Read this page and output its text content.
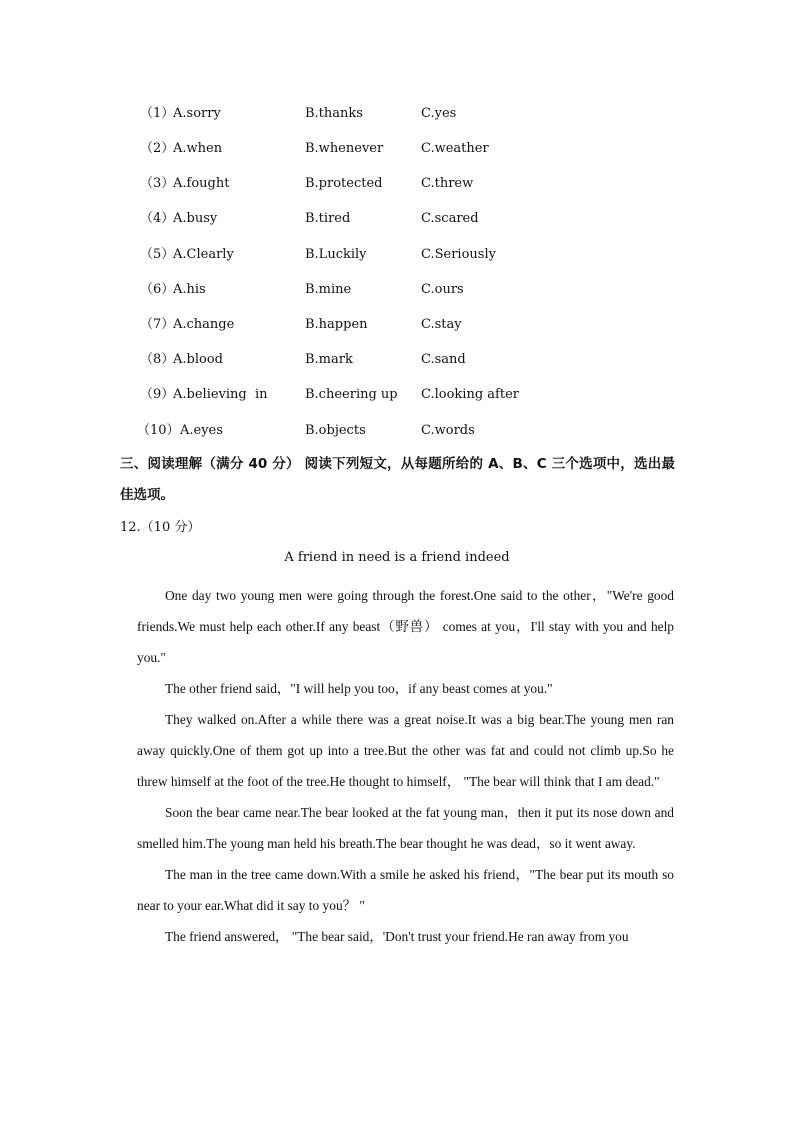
（1）
A.sorry	B.thanks	C.yes
（2）
A.when	B.whenever	C.weather
（3）
A.fought	B.protected	C.threw
（4）
A.busy	B.tired	C.scared
（5）
A.Clearly	B.Luckily	C.Seriously
（6）
A.his	B.mine	C.ours
（7）
A.change	B.happen	C.stay
（8）
A.blood	B.mark	C.sand
（9）
A.believing  in	B.cheering up C.looking after
（10） A.eyes	B.objects	C.words
三、阅读理解（满分 40 分） 阅读下列短文，从每题所给的 A、B、C 三个选项中，选出最佳选项。
12.（10 分）
A friend in need is a friend indeed

One day two young men were going through the forest.One said to the other，"We're good friends.We must help each other.If any beast（野兽） comes at you，I'll stay with you and help you."

The other friend said，"I will help you too，if any beast comes at you."

They walked on.After a while there was a great noise.It was a big bear.The young men ran away quickly.One of them got up into a tree.But the other was fat and could not climb up.So he threw himself at the foot of the tree.He thought to himself， "The bear will think that I am dead."

Soon the bear came near.The bear looked at the fat young man，then it put its nose down and smelled him.The young man held his breath.The bear thought he was dead，so it went away.

The man in the tree came down.With a smile he asked his friend，"The bear put its mouth so near to your ear.What did it say to you？ "

The friend answered， "The bear said，'Don't trust your friend.He ran away from you
